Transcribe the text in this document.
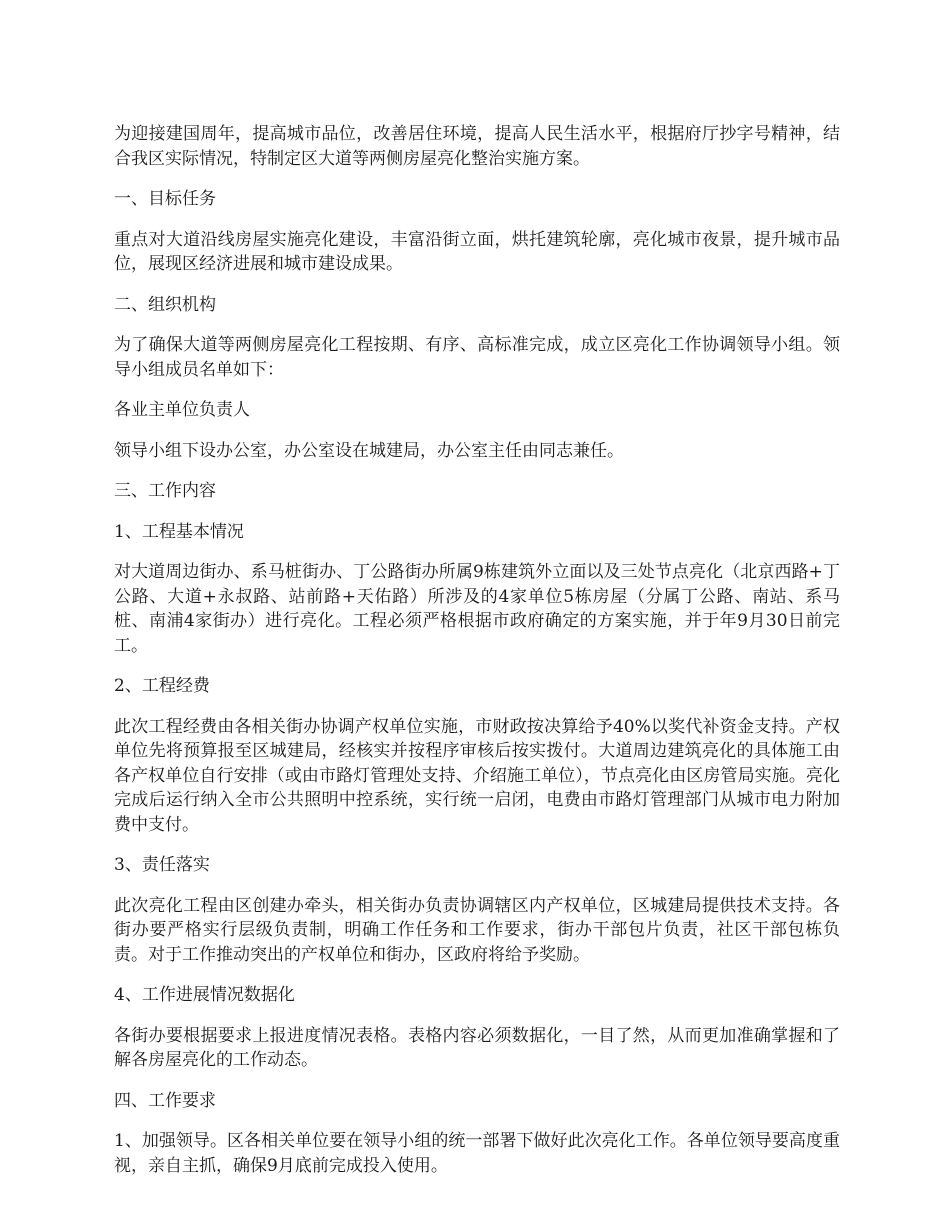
为迎接建国周年，提高城市品位，改善居住环境，提高人民生活水平，根据府厅抄字号精神，结合我区实际情况，特制定区大道等两侧房屋亮化整治实施方案。

一、目标任务

重点对大道沿线房屋实施亮化建设，丰富沿街立面，烘托建筑轮廓，亮化城市夜景，提升城市品位，展现区经济进展和城市建设成果。

二、组织机构

为了确保大道等两侧房屋亮化工程按期、有序、高标准完成，成立区亮化工作协调领导小组。领导小组成员名单如下：

各业主单位负责人

领导小组下设办公室，办公室设在城建局，办公室主任由同志兼任。

三、工作内容

1、工程基本情况

对大道周边街办、系马桩街办、丁公路街办所属9栋建筑外立面以及三处节点亮化（北京西路+丁公路、大道+永叔路、站前路+天佑路）所涉及的4家单位5栋房屋（分属丁公路、南站、系马桩、南浦4家街办）进行亮化。工程必须严格根据市政府确定的方案实施，并于年9月30日前完工。

2、工程经费

此次工程经费由各相关街办协调产权单位实施，市财政按决算给予40%以奖代补资金支持。产权单位先将预算报至区城建局，经核实并按程序审核后按实拨付。大道周边建筑亮化的具体施工由各产权单位自行安排（或由市路灯管理处支持、介绍施工单位），节点亮化由区房管局实施。亮化完成后运行纳入全市公共照明中控系统，实行统一启闭，电费由市路灯管理部门从城市电力附加费中支付。

3、责任落实

此次亮化工程由区创建办牵头，相关街办负责协调辖区内产权单位，区城建局提供技术支持。各街办要严格实行层级负责制，明确工作任务和工作要求，街办干部包片负责，社区干部包栋负责。对于工作推动突出的产权单位和街办，区政府将给予奖励。

4、工作进展情况数据化

各街办要根据要求上报进度情况表格。表格内容必须数据化，一目了然，从而更加准确掌握和了解各房屋亮化的工作动态。

四、工作要求

1、加强领导。区各相关单位要在领导小组的统一部署下做好此次亮化工作。各单位领导要高度重视，亲自主抓，确保9月底前完成投入使用。
